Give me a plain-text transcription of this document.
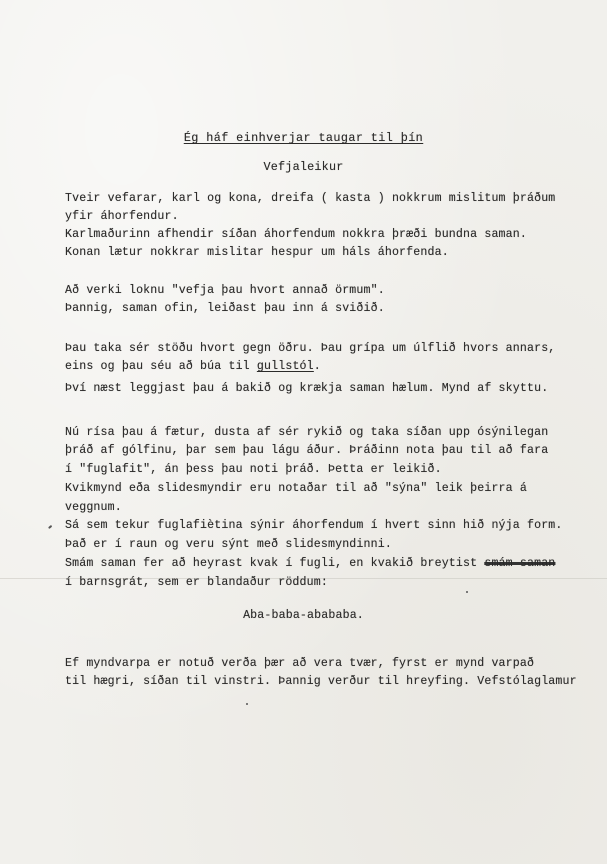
Ég háf einhverjar taugar til þín
Vefjaleikur
Tveir vefarar, karl og kona, dreifa ( kasta ) nokkrum mislitum þráðum
yfir áhorfendur.
Karlmaðurinn afhendir síðan áhorfendum nokkra þræði bundna saman.
Konan lætur nokkrar mislitar hespur um háls áhorfenda.
Að verki loknu "vefja þau hvort annað örmum".
Þannig, saman ofin, leiðast þau inn á sviðið.
Þau taka sér stöðu hvort gegn öðru. Þau grípa um úlflið hvors annars,
eins og þau séu að búa til gullstól.
Því næst leggjast þau á bakið og krækja saman hælum. Mynd af skyttu.
Nú rísa þau á fætur, dusta af sér rykið og taka síðan upp ósýnilegan
þráð af gólfinu, þar sem þau lágu áður. Þráðinn nota þau til að fara
í "fuglafit", án þess þau noti þráð. Þetta er leikið.
Kvikmynd eða slidesmyndir eru notaðar til að "sýna" leik þeirra á
veggnum.
Sá sem tekur fuglafiètina sýnir áhorfendum í hvert sinn hið nýja form.
Það er í raun og veru sýnt með slidesmyndinni.
Smám saman fer að heyrast kvak í fugli, en kvakið breytist smám saman
í barnsgrát, sem er blandaður röddum:
Aba-baba-abababa.
Ef myndvarpa er notuð verða þær að vera tvær, fyrst er mynd varpað
til hægri, síðan til vinstri. Þannig verður til hreyfing. Vefstólaglamur
